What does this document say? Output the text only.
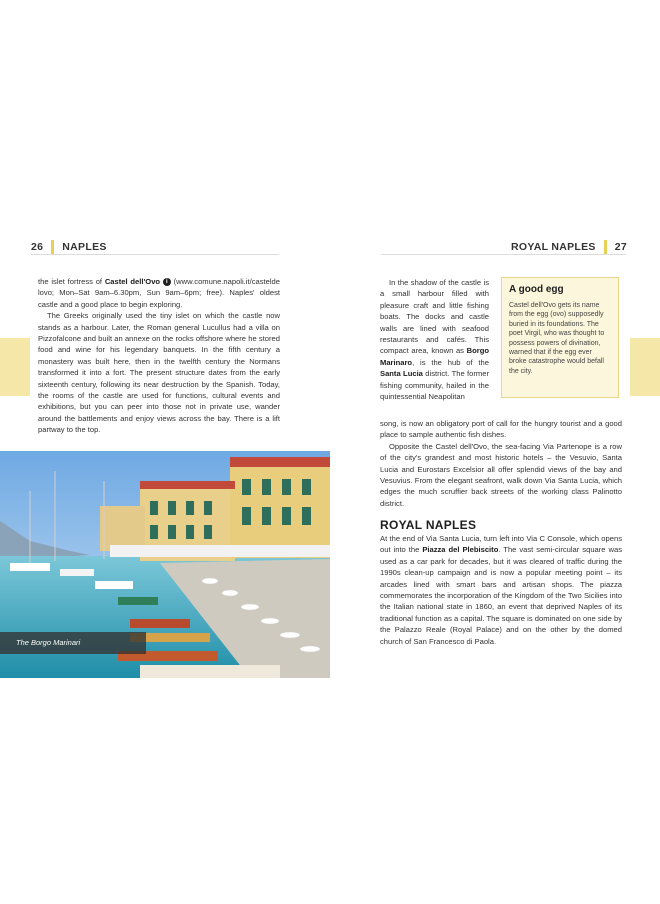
26 NAPLES	ROYAL NAPLES 27

the islet fortress of Castel dell'Ovo i (www.comune.napoli.it/castelde lovo; Mon–Sat 9am–6.30pm, Sun 9am–6pm; free). Naples' oldest castle and a good place to begin exploring.

The Greeks originally used the tiny islet on which the castle now stands as a harbour. Later, the Roman general Lucullus had a villa on Pizzofalcone and built an annexe on the rocks offshore where he stored food and wine for his legendary banquets. In the fifth century a monastery was built here, then in the twelfth century the Normans transformed it into a fort. The present structure dates from the early sixteenth century, following its near destruction by the Spanish. Today, the rooms of the castle are used for functions, cultural events and exhibitions, but you can peer into those not in private use, wander around the battlements and enjoy views across the bay. There is a lift partway to the top.

The Borgo Marinari

In the shadow of the castle is a small harbour filled with pleasure craft and little fishing boats. The docks and castle walls are lined with seafood restaurants and cafés. This compact area, known as Borgo Marinaro, is the hub of the Santa Lucia district. The former fishing community, hailed in the quintessential Neapolitan

A good egg

Castel dell'Ovo gets its name from the egg (ovo) supposedly buried in its foundations. The poet Virgil, who was thought to possess powers of divination, warned that if the egg ever broke catastrophe would befall the city.

song, is now an obligatory port of call for the hungry tourist and a good place to sample authentic fish dishes.

Opposite the Castel dell'Ovo, the sea-facing Via Partenope is a row of the city's grandest and most historic hotels – the Vesuvio, Santa Lucia and Eurostars Excelsior all offer splendid views of the bay and Vesuvius. From the elegant seafront, walk down Via Santa Lucia, which edges the much scruffier back streets of the working class Palinotto district.

ROYAL NAPLES

At the end of Via Santa Lucia, turn left into Via C Console, which opens out into the Piazza del Plebiscito. The vast semi-circular square was used as a car park for decades, but it was cleared of traffic during the 1990s clean-up campaign and is now a popular meeting point – its arcades lined with smart bars and artisan shops. The piazza commemorates the incorporation of the Kingdom of the Two Sicilies into the Italian national state in 1860, an event that deprived Naples of its traditional function as a capital. The square is dominated on one side by the Palazzo Reale (Royal Palace) and on the other by the domed church of San Francesco di Paola.
